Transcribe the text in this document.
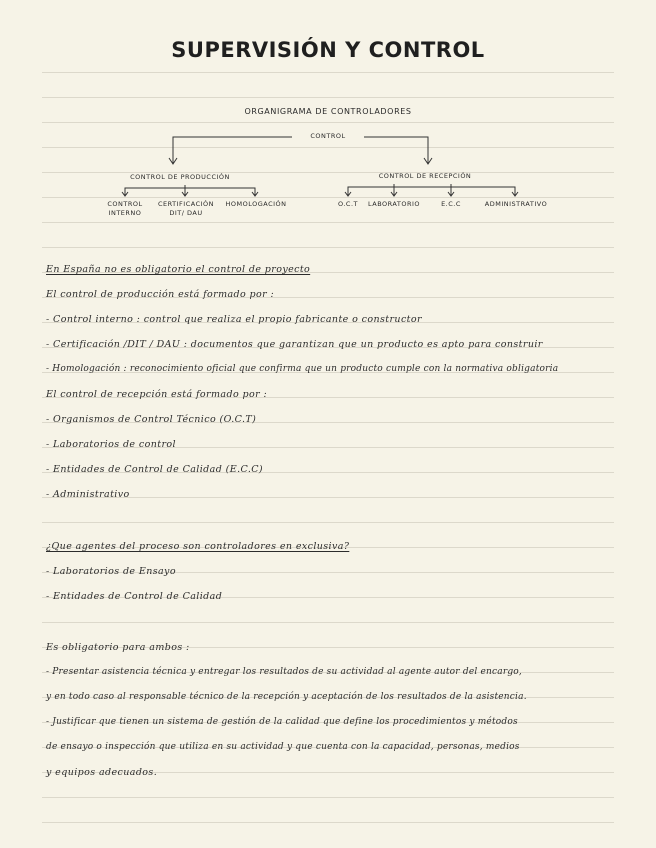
SUPERVISIÓN Y CONTROL
ORGANIGRAMA DE CONTROLADORES
CONTROL
CONTROL DE PRODUCCIÓN	CONTROL DE RECEPCIÓN
CONTROL INTERNO
CERTIFICACIÓN DIT/ DAU
HOMOLOGACIÓN	O.C.T	LABORATORIO	E.C.C	ADMINISTRATIVO
En España no es obligatorio el control de proyecto
El control de producción está formado por :
- Control interno : control que realiza el propio fabricante o constructor
- Certificación /DIT / DAU : documentos que garantizan que un producto es apto para construir
- Homologación : reconocimiento oficial que confirma que un producto cumple con la normativa obligatoria
El control de recepción está formado por :
- Organismos de Control Técnico (O.C.T)
- Laboratorios de control
- Entidades de Control de Calidad (E.C.C)
- Administrativo
¿Que agentes del proceso son controladores en exclusiva?
- Laboratorios de Ensayo
- Entidades de Control de Calidad
Es obligatorio para ambos :
- Presentar asistencia técnica y entregar los resultados de su actividad al agente autor del encargo,
y en todo caso al responsable técnico de la recepción y aceptación de los resultados de la asistencia.
- Justificar que tienen un sistema de gestión de la calidad que define los procedimientos y métodos
de ensayo o inspección que utiliza en su actividad y que cuenta con la capacidad, personas, medios
y equipos adecuados.
